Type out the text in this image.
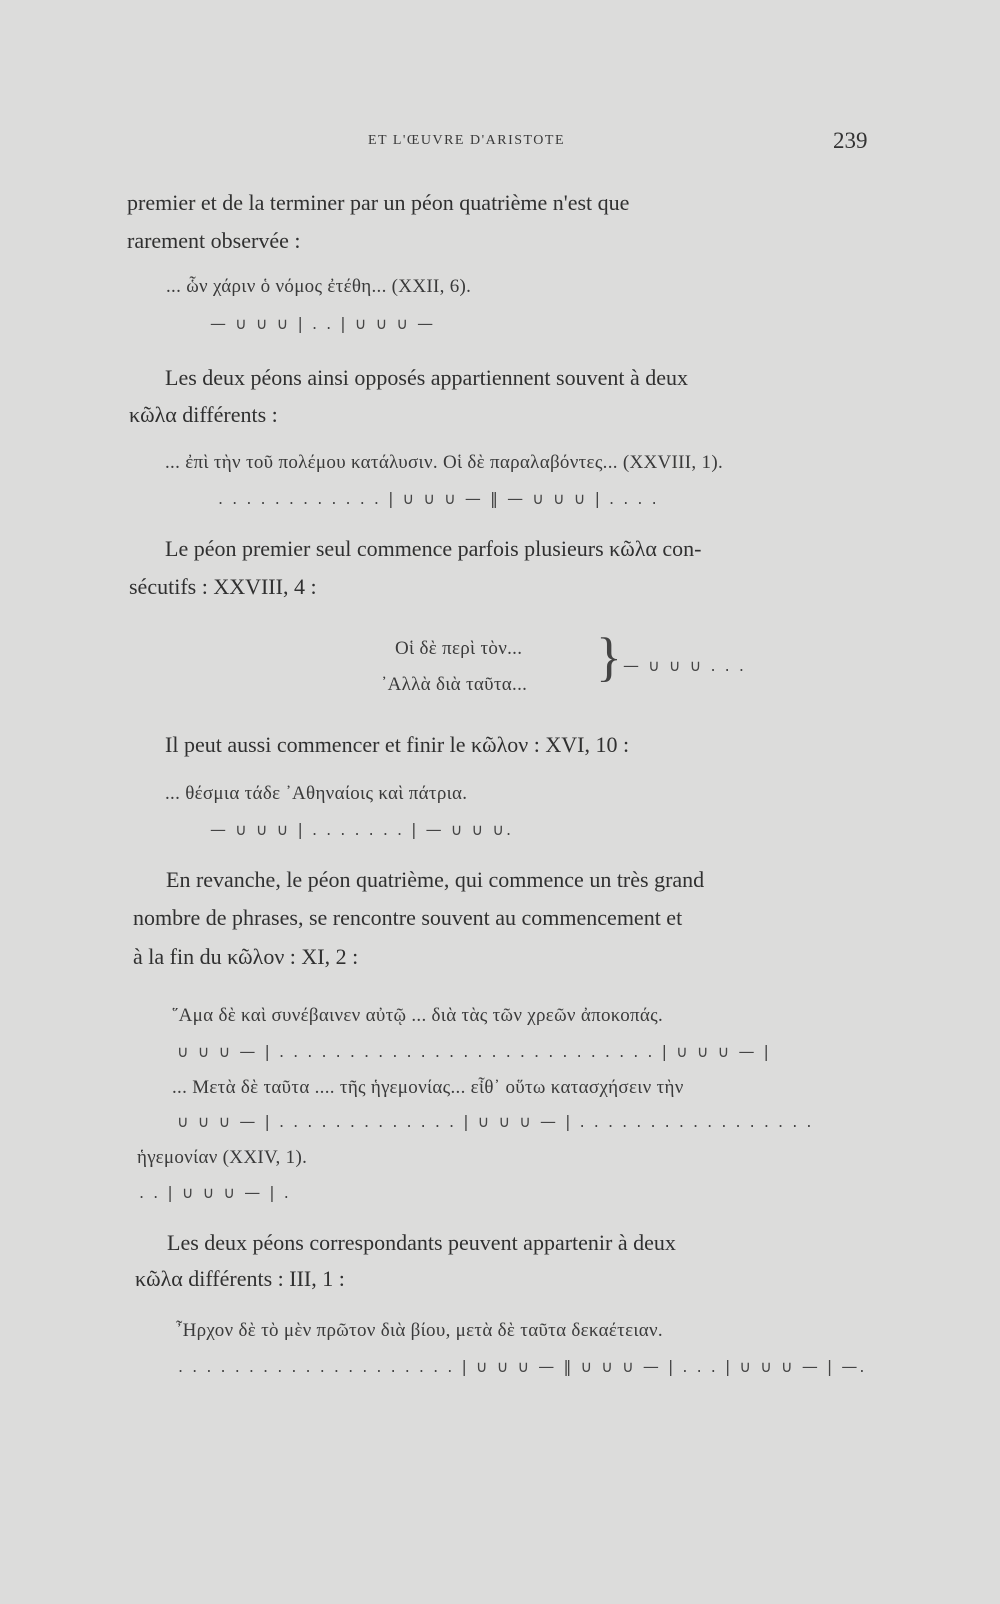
ET L'ŒUVRE D'ARISTOTE	239
premier et de la terminer par un péon quatrième n'est que
rarement observée :
... ὧν χάριν ὁ νόμος ἐτέθη... (XXII, 6).
— ∪ ∪ ∪ | . . | ∪ ∪ ∪ —
Les deux péons ainsi opposés appartiennent souvent à deux
κῶλα différents :
... ἐπὶ τὴν τοῦ πολέμου κατάλυσιν. Οἱ δὲ παραλαβόντες... (XXVIII, 1).
. . . . . . . . . . . . | ∪ ∪ ∪ — ‖ — ∪ ∪ ∪ | . . . .
Le péon premier seul commence parfois plusieurs κῶλα con-
sécutifs : XXVIII, 4 :
Οἱ δὲ περὶ τὸν...
᾿Αλλὰ διὰ ταῦτα... } — ∪ ∪ ∪ . . .
Il peut aussi commencer et finir le κῶλον : XVI, 10 :
... θέσμια τάδε ᾿Αθηναίοις καὶ πάτρια.
— ∪ ∪ ∪ | . . . . . . . | — ∪ ∪ ∪.
En revanche, le péon quatrième, qui commence un très grand
nombre de phrases, se rencontre souvent au commencement et
à la fin du κῶλον : XI, 2 :
῞Αμα δὲ καὶ συνέβαινεν αὐτῷ ... διὰ τὰς τῶν χρεῶν ἀποκοπάς.
∪ ∪ ∪ — | . . . . . . . . . . . . . . . . . . . . . . . . . . . | ∪ ∪ ∪ — |
... Μετὰ δὲ ταῦτα .... τῆς ἡγεμονίας... εἶθ᾿ οὕτω κατασχήσειν τὴν
∪ ∪ ∪ — | . . . . . . . . . . . . . | ∪ ∪ ∪ — | . . . . . . . . . . . . . . . . .
ἡγεμονίαν (XXIV, 1).
. . | ∪ ∪ ∪ — | .
Les deux péons correspondants peuvent appartenir à deux
κῶλα différents : III, 1 :
῏Ηρχον δὲ τὸ μὲν πρῶτον διὰ βίου, μετὰ δὲ ταῦτα δεκαέτειαν.
. . . . . . . . . . . . . . . . . . . . | ∪ ∪ ∪ — ‖ ∪ ∪ ∪ — | . . . | ∪ ∪ ∪ — | —.
